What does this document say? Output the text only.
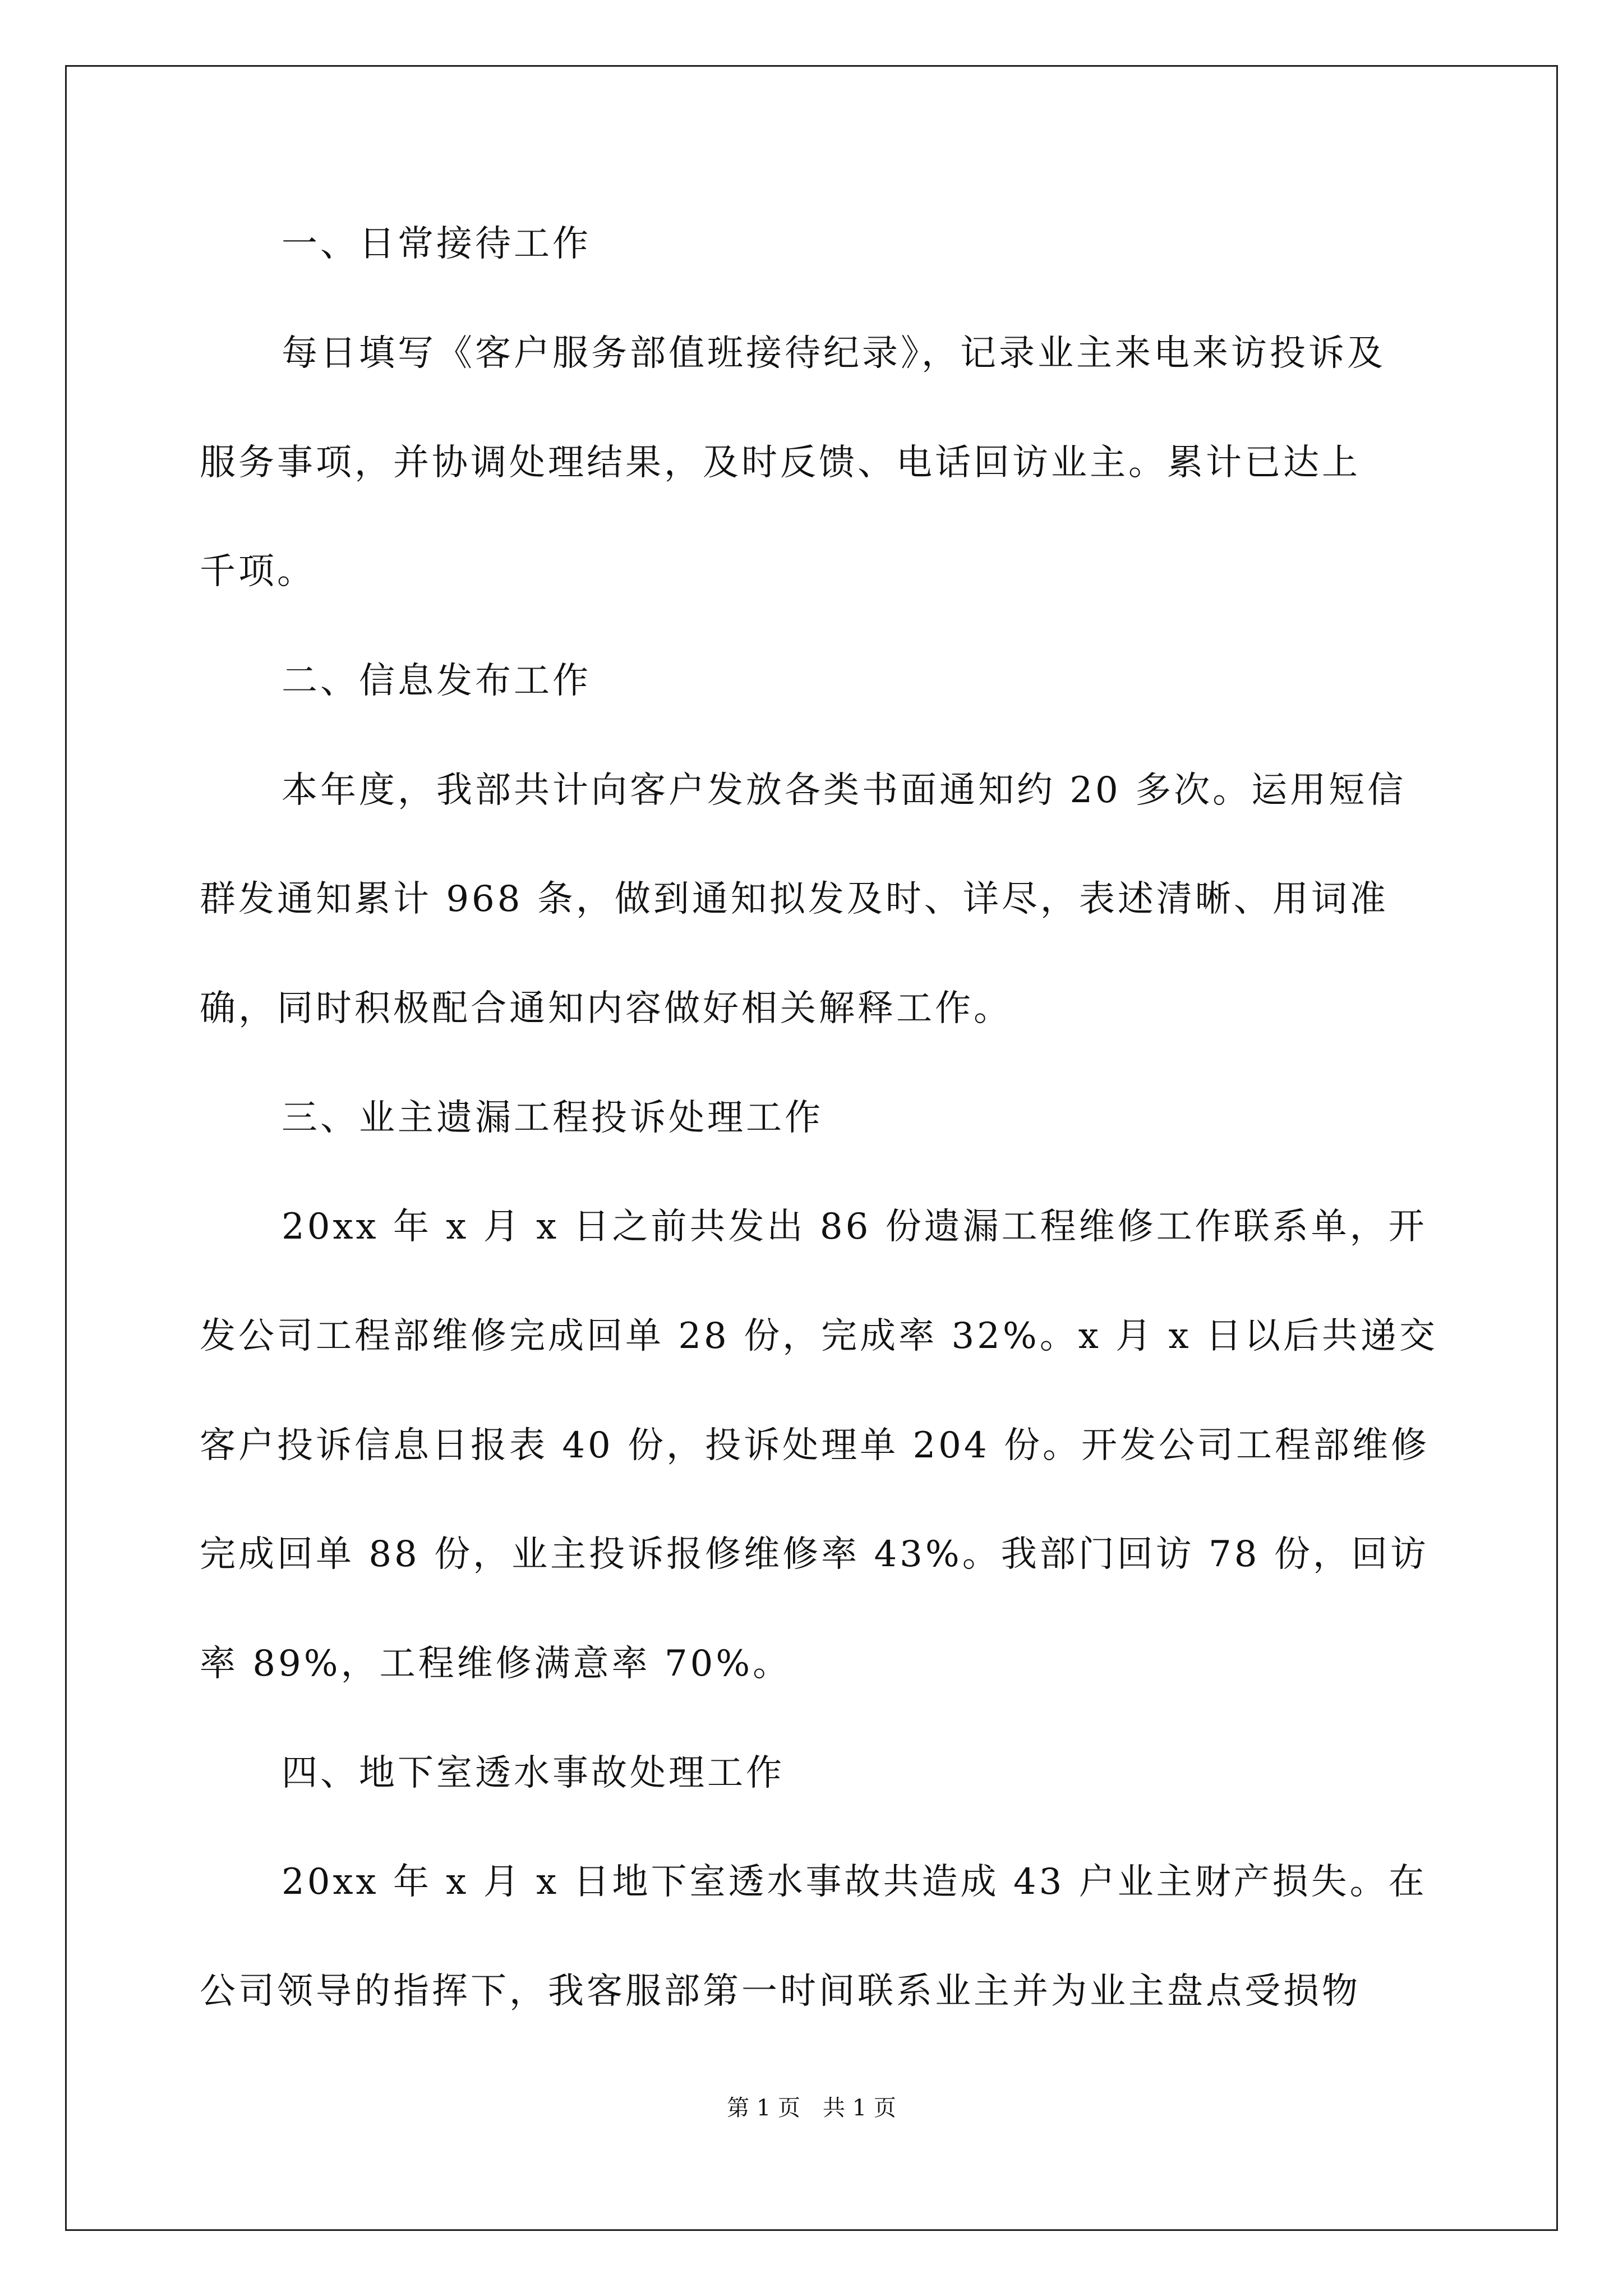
一、日常接待工作
每日填写《客户服务部值班接待纪录》，记录业主来电来访投诉及
服务事项，并协调处理结果，及时反馈、电话回访业主。累计已达上
千项。
二、信息发布工作
本年度，我部共计向客户发放各类书面通知约 20 多次。运用短信
群发通知累计 968 条，做到通知拟发及时、详尽，表述清晰、用词准
确，同时积极配合通知内容做好相关解释工作。
三、业主遗漏工程投诉处理工作
20xx 年 x 月 x 日之前共发出 86 份遗漏工程维修工作联系单，开
发公司工程部维修完成回单 28 份，完成率 32%。x 月 x 日以后共递交
客户投诉信息日报表 40 份，投诉处理单 204 份。开发公司工程部维修
完成回单 88 份，业主投诉报修维修率 43%。我部门回访 78 份，回访
率 89%，工程维修满意率 70%。
四、地下室透水事故处理工作
20xx 年 x 月 x 日地下室透水事故共造成 43 户业主财产损失。在
公司领导的指挥下，我客服部第一时间联系业主并为业主盘点受损物
第 1 页　共 1 页
